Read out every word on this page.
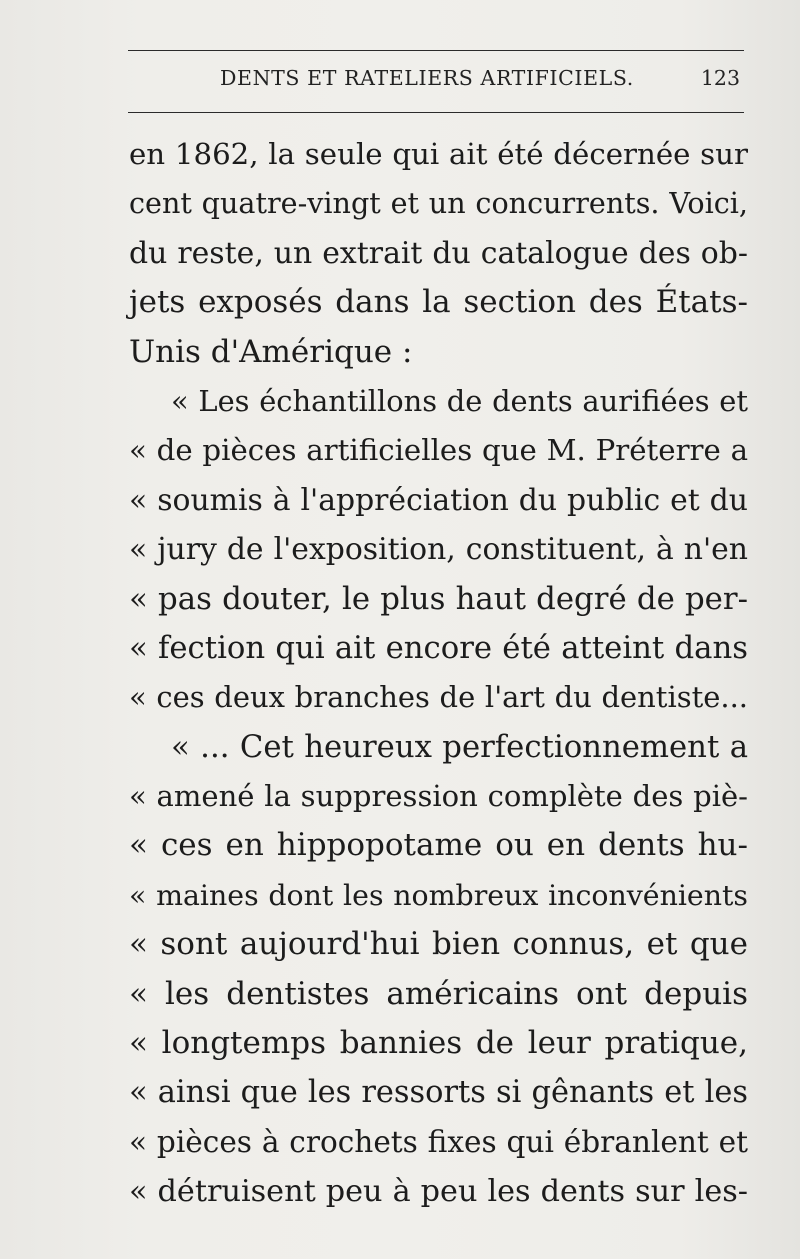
DENTS ET RATELIERS ARTIFICIELS.	123
en 1862, la seule qui ait été décernée sur
cent quatre-vingt et un concurrents. Voici,
du reste, un extrait du catalogue des ob-
jets exposés dans la section des États-
Unis d'Amérique :
« Les échantillons de dents aurifiées et
« de pièces artificielles que M. Préterre a
« soumis à l'appréciation du public et du
« jury de l'exposition, constituent, à n'en
« pas douter, le plus haut degré de per-
« fection qui ait encore été atteint dans
« ces deux branches de l'art du dentiste...
« ... Cet heureux perfectionnement a
« amené la suppression complète des piè-
« ces en hippopotame ou en dents hu-
« maines dont les nombreux inconvénients
« sont aujourd'hui bien connus, et que
« les dentistes américains ont depuis
« longtemps bannies de leur pratique,
« ainsi que les ressorts si gênants et les
« pièces à crochets fixes qui ébranlent et
« détruisent peu à peu les dents sur les-
